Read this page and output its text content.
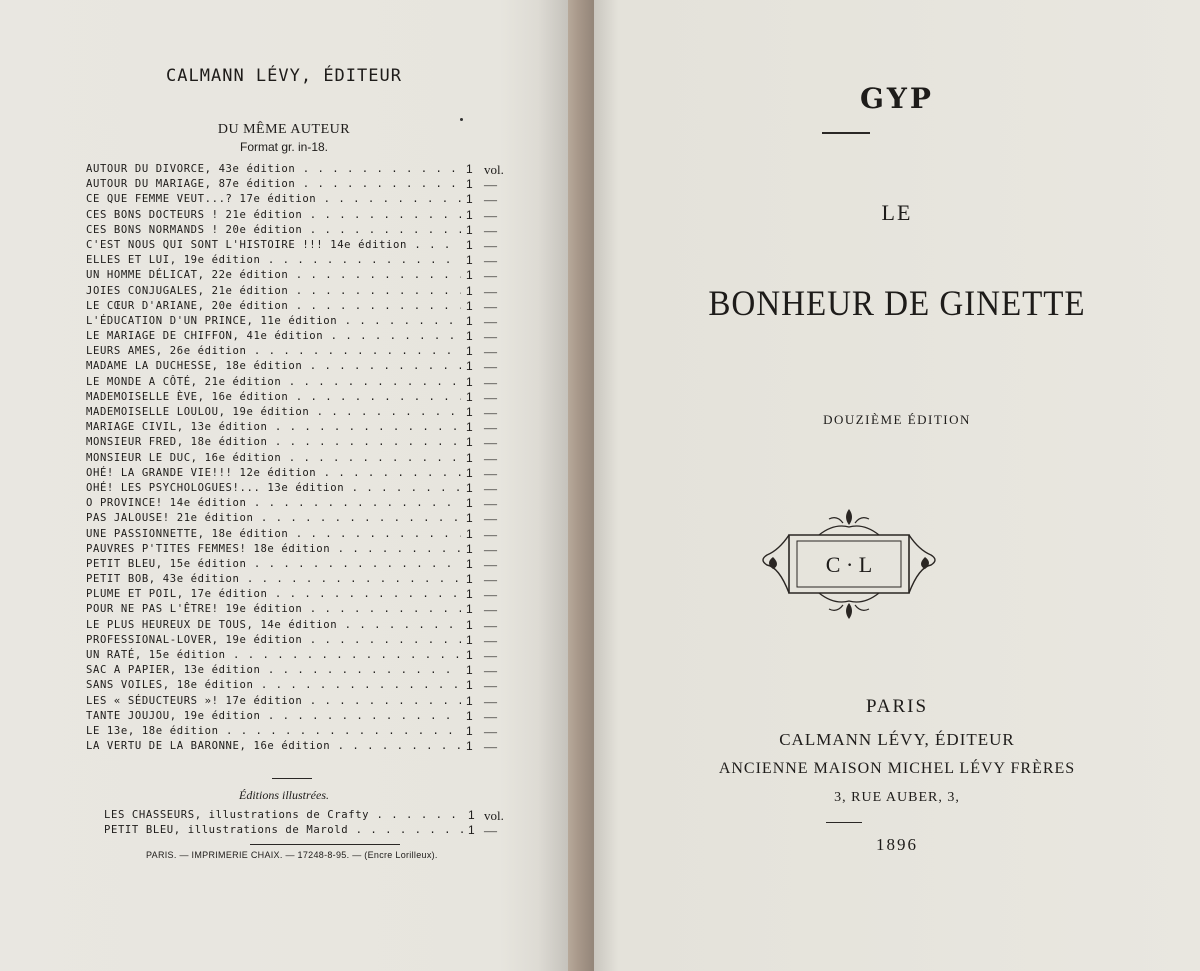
CALMANN LÉVY, ÉDITEUR
DU MÊME AUTEUR
Format gr. in-18.
AUTOUR DU DIVORCE, 43e édition . . .	1 vol.
AUTOUR DU MARIAGE, 87e édition . . .	1 —
CE QUE FEMME VEUT...? 17e édition . . .	1 —
CES BONS DOCTEURS ! 21e édition . . .	1 —
CES BONS NORMANDS ! 20e édition . . .	1 —
C'EST NOUS QUI SONT L'HISTOIRE !!! 14e édition . . .	1 —
ELLES ET LUI, 19e édition . . .	1 —
UN HOMME DÉLICAT, 22e édition . . .	1 —
JOIES CONJUGALES, 21e édition . . .	1 —
LE CŒUR D'ARIANE, 20e édition . . .	1 —
L'ÉDUCATION D'UN PRINCE, 11e édition . . .	1 —
LE MARIAGE DE CHIFFON, 41e édition . . .	1 —
LEURS AMES, 26e édition . . .	1 —
MADAME LA DUCHESSE, 18e édition . . .	1 —
LE MONDE A CÔTÉ, 21e édition . . .	1 —
MADEMOISELLE ÈVE, 16e édition . . .	1 —
MADEMOISELLE LOULOU, 19e édition . . .	1 —
MARIAGE CIVIL, 13e édition . . .	1 —
MONSIEUR FRED, 18e édition . . .	1 —
MONSIEUR LE DUC, 16e édition . . .	1 —
OHÉ! LA GRANDE VIE!!! 12e édition . . .	1 —
OHÉ! LES PSYCHOLOGUES!... 13e édition . . .	1 —
O PROVINCE! 14e édition . . .	1 —
PAS JALOUSE! 21e édition . . .	1 —
UNE PASSIONNETTE, 18e édition . . .	1 —
PAUVRES P'TITES FEMMES! 18e édition . . .	1 —
PETIT BLEU, 15e édition . . .	1 —
PETIT BOB, 43e édition . . .	1 —
PLUME ET POIL, 17e édition . . .	1 —
POUR NE PAS L'ÊTRE! 19e édition . . .	1 —
LE PLUS HEUREUX DE TOUS, 14e édition . . .	1 —
PROFESSIONAL-LOVER, 19e édition . . .	1 —
UN RATÉ, 15e édition . . .	1 —
SAC A PAPIER, 13e édition . . .	1 —
SANS VOILES, 18e édition . . .	1 —
LES « SÉDUCTEURS »! 17e édition . . .	1 —
TANTE JOUJOU, 19e édition . . .	1 —
LE 13e, 18e édition . . .	1 —
LA VERTU DE LA BARONNE, 16e édition . . .	1 —
Éditions illustrées.
LES CHASSEURS, illustrations de Crafty . . .	1 vol.
PETIT BLEU, illustrations de Marold . . .	1 —
PARIS. — IMPRIMERIE CHAIX. — 17248-8-95. — (Encre Lorilleux).
GYP
LE
BONHEUR DE GINETTE
DOUZIÈME ÉDITION
C · L
PARIS
CALMANN LÉVY, ÉDITEUR
ANCIENNE MAISON MICHEL LÉVY FRÈRES
3, RUE AUBER, 3,
1896
